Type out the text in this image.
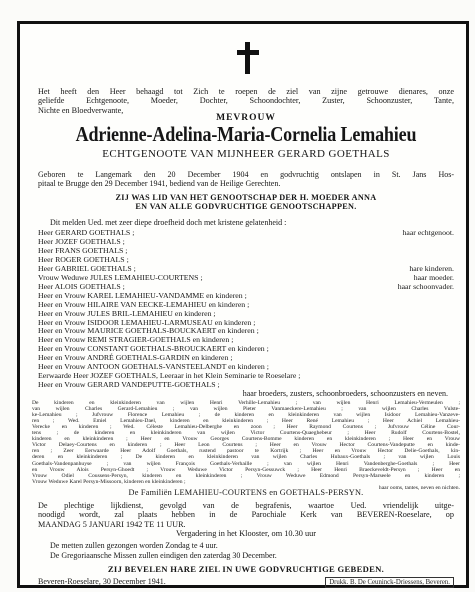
Het heeft den Heer behaagd tot Zich te roepen de ziel van zijne getrouwe dienares, onze
geliefde Echtgenoote, Moeder, Dochter, Schoondochter, Zuster, Schoonzuster, Tante,
Nichte en Bloedverwante,
MEVROUW
Adrienne-Adelina-Maria-Cornelia Lemahieu
ECHTGENOOTE VAN MIJNHEER GERARD GOETHALS
Geboren te Langemark den 20 December 1904 en godvruchtig ontslapen in St. Jans Hos-
pitaal te Brugge den 29 December 1941, bediend van de Heilige Gerechten.
ZIJ WAS LID VAN HET GENOOTSCHAP DER H. MOEDER ANNA
EN VAN ALLE GODVRUCHTIGE GENOOTSCHAPPEN.
Dit melden Ued. met zeer diepe droefheid doch met kristene gelatenheid :
Heer GERARD GOETHALS ;	haar echtgenoot.
Heer JOZEF GOETHALS ;
Heer FRANS GOETHALS ;
Heer ROGER GOETHALS ;
Heer GABRIEL GOETHALS ;	hare kinderen.
Vrouw Weduwe JULES LEMAHIEU-COURTENS ;	haar moeder.
Heer ALOIS GOETHALS ;	haar schoonvader.
Heer en Vrouw KAREL LEMAHIEU-VANDAMME en kinderen ;
Heer en Vrouw HILAIRE VAN EECKE-LEMAHIEU en kinderen ;
Heer en Vrouw JULES BRIL-LEMAHIEU en kinderen ;
Heer en Vrouw ISIDOOR LEMAHIEU-LARMUSEAU en kinderen ;
Heer en Vrouw MAURICE GOETHALS-BOUCKAERT en kinderen ;
Heer en Vrouw REMI STRAGIER-GOETHALS en kinderen ;
Heer en Vrouw CONSTANT GOETHALS-BROUCKAERT en kinderen ;
Heer en Vrouw ANDRÉ GOETHALS-GARDIN en kinderen ;
Heer en Vrouw ANTOON GOETHALS-VANSTEELANDT en kinderen ;
Eerwaarde Heer JOZEF GOETHALS, Leeraar in het Klein Seminarie te Roeselare ;
Heer en Vrouw GERARD VANDEPUTTE-GOETHALS ;
haar broeders, zusters, schoonbroeders, schoonzusters en neven.
De kinderen en kleinkinderen van wijlen Henri Verhille-Lemahieu ; van wijlen Henri Lemahieu-Vermeulen ;
van wijlen Charles Gerard-Lemahieu ; van wijlen Pieter Vanmaeckere-Lemahieu ; van wijlen Charles Vulste-
ke-Lemahieu ; Jufvrouw Florence Lemahieu ; de kinderen en kleinkinderen van wijlen Isidoor Lemahieu-Vanzeve-
ren ; Wed. Emiel Lemahieu-Dael, kinderen en kleinkinderen ; Heer René Lemahieu ; Heer Achiel Lemahieu-
Verecke en kinderen ; Wed. Céleste Lemahieu-Delberghe en zoon ; Heer Raymond Courtens ; Jufvrouw Céline Cour-
tens ; de kinderen en kleinkinderen van wijlen Victor Courtens-Quaeghebeur ; Heer Rudolf Courtens-Bostel,
kinderen en kleinkinderen ; Heer en Vrouw Georges Courtens-Bomme kinderen en kleinkinderen ; Heer en Vrouw
Victor Delaey-Courtens en kinderen ; Heer Leon Courtens ; Heer en Vrouw Hector Courtens-Vandeputte en kinde-
ren ; Zeer Eerwaarde Heer Adolf Goethals, rustend pastoor te Kortrijk ; Heer en Vrouw Hector Delie-Goethals, kin-
deren en kleinkinderen ; De kinderen en kleinkinderen van wijlen Charles Hubaux-Goethals ; van wijlen Louis
Goethals-Vandenpanhuyse ; van wijlen François Goethals-Verhaille ; van wijlen Henri Vandenberghe-Goethals ; Heer
en Vrouw Alois Persyn-Ghoedt ; Vrouw Weduwe Victor Persyn-Gessuwck ; Heer Henri Braeckeveldt-Persyn ; Heer en
Vrouw Odiel Coussens-Persyn, kinderen en kleinkinderen ; Vrouw Weduwe Edmond Persyn-Marseele en kinderen ;
Vrouw Weduwe Karel Persyn-Missoorn, kinderen en kleinkinderen ;
haar ooms, tantes, neven en nichten.
De Familiën LEMAHIEU-COURTENS en GOETHALS-PERSYN.
De plechtige lijkdienst, gevolgd van de begrafenis, waartoe Ued. vriendelijk uitge-
noodigd wordt, zal plaats hebben in de Parochiale Kerk van BEVEREN-Roeselare, op
MAANDAG 5 JANUARI 1942 TE 11 UUR.
Vergadering in het Klooster, om 10.30 uur
De metten zullen gezongen worden Zondag te 4 uur.
De Gregoriaansche Missen zullen eindigen den zaterdag 30 December.
ZIJ BEVELEN HARE ZIEL IN UWE GODVRUCHTIGE GEBEDEN.
Beveren-Roeselare, 30 December 1941.	Drukk. B. De Ceuninck-Driessens, Beveren.
